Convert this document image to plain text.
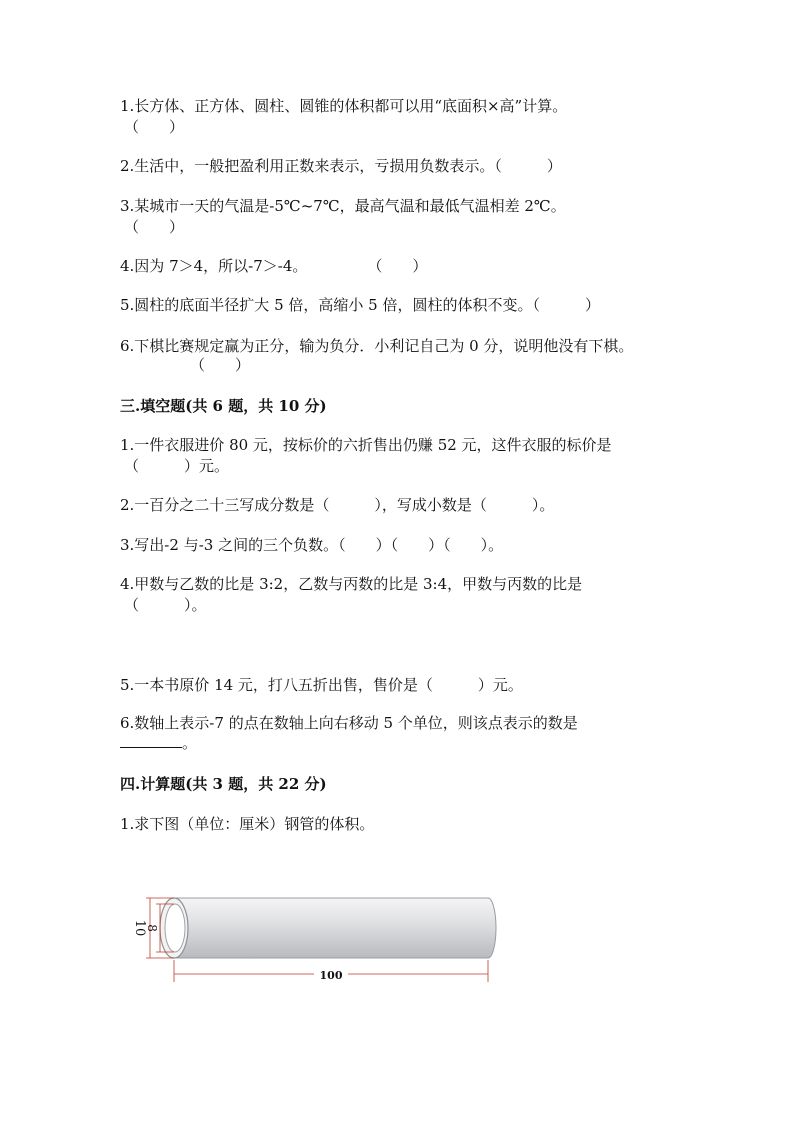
1.长方体、正方体、圆柱、圆锥的体积都可以用“底面积×高”计算。
（　　）
2.生活中，一般把盈利用正数来表示，亏损用负数表示。（　　　）
3.某城市一天的气温是-5℃~7℃，最高气温和最低气温相差 2℃。
（　　）
4.因为 7＞4，所以-7＞-4。　　　　　（　　）
5.圆柱的底面半径扩大 5 倍，高缩小 5 倍，圆柱的体积不变。（　　　）
6.下棋比赛规定赢为正分，输为负分．小利记自己为 0 分，说明他没有下棋。
（　　）
三.填空题(共 6 题，共 10 分)
1.一件衣服进价 80 元，按标价的六折售出仍赚 52 元，这件衣服的标价是
（　　　）元。
2.一百分之二十三写成分数是（　　　），写成小数是（　　　）。
3.写出-2 与-3 之间的三个负数。（　　）（　　）（　　）。
4.甲数与乙数的比是 3:2，乙数与丙数的比是 3:4，甲数与丙数的比是
（　　　）。
5.一本书原价 14 元，打八五折出售，售价是（　　　）元。
6.数轴上表示-7 的点在数轴上向右移动 5 个单位，则该点表示的数是
。
四.计算题(共 3 题，共 22 分)
1.求下图（单位：厘米）钢管的体积。
10
8
100
